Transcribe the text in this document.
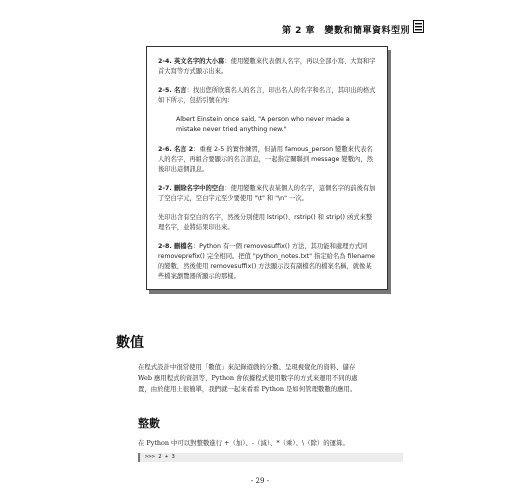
第 2 章　變數和簡單資料型別

2-4. 英文名字的大小寫：使用變數來代表個人名字，再以全部小寫、大寫和字首大寫等方式顯示出來。

2-5. 名言：找出您所欣賞名人的名言，印出名人的名字和名言，其印出的格式如下所示，包括引號在內：

Albert Einstein once said, "A person who never made a mistake never tried anything new."

2-6. 名言 2：重複 2-5 的實作練習，但請用 famous_person 變數來代表名人的名字，再組合要顯示的名言訊息，一起指定關聯到 message 變數內，然後印出這個訊息。

2-7. 刪除名字中的空白：使用變數來代表某個人的名字，這個名字的前後有加了空白字元，空白字元至少要使用 "\t" 和 "\n" 一次。

先印出含有空白的名字，然後分別使用 lstrip()、rstrip() 和 strip() 函式來整理名字，並將結果印出來。

2-8. 刪檔名：Python 有一個 removesuffix() 方法，其功能和處理方式同 removeprefix() 完全相同。把值 "python_notes.txt" 指定給名為 filename 的變數，然後使用 removesuffix() 方法顯示沒有副檔名的檔案名稱，就像某些檔案瀏覽器所顯示的那樣。

數值
在程式設計中很常使用「數值」來記錄遊戲的分數、呈現視覺化的資料、儲存
Web 應用程式的資訊等，Python 會依據程式使用數字的方式來運用不同的處
置，由於使用上很簡單，我們就一起來看看 Python 是如何管理數數的應用。
整數
在 Python 中可以對整數進行 +（加）、-（減）、*（乘）、\（除）的運算。
>>> 2 + 3
- 29 -
